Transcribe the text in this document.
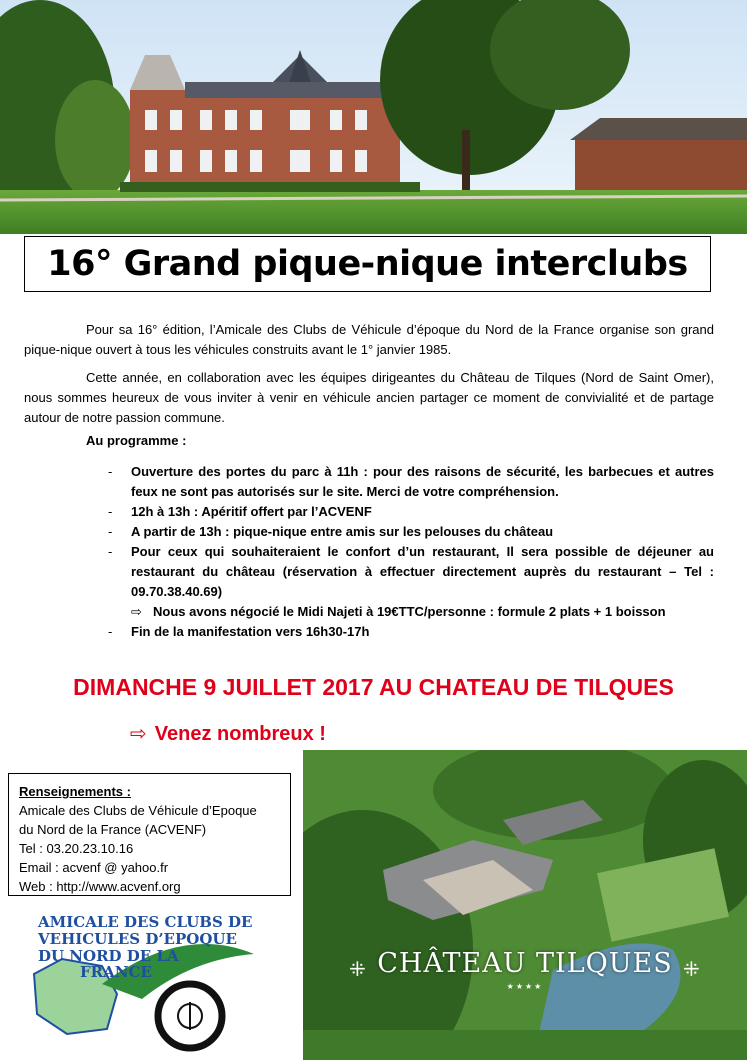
16° Grand pique-nique interclubs

Pour sa 16° édition, l’Amicale des Clubs de Véhicule d’époque du Nord de la France organise son grand pique-nique ouvert à tous les véhicules construits avant le 1° janvier 1985.

Cette année, en collaboration avec les équipes dirigeantes du Château de Tilques (Nord de Saint Omer), nous sommes heureux de vous inviter à venir en véhicule ancien partager ce moment de convivialité et de partage autour de notre passion commune.

Au programme :

- Ouverture des portes du parc à 11h : pour des raisons de sécurité, les barbecues et autres feux ne sont pas autorisés sur le site. Merci de votre compréhension.
- 12h à 13h : Apéritif offert par l’ACVENF
- A partir de 13h : pique-nique entre amis sur les pelouses du château
- Pour ceux qui souhaiteraient le confort d’un restaurant, Il sera possible de déjeuner au restaurant du château (réservation à effectuer directement auprès du restaurant – Tel : 09.70.38.40.69)
⇨ Nous avons négocié le Midi Najeti à 19€TTC/personne : formule 2 plats + 1 boisson
- Fin de la manifestation vers 16h30-17h

DIMANCHE 9 JUILLET 2017 AU CHATEAU DE TILQUES

⇨ Venez nombreux !

Renseignements :
Amicale des Clubs de Véhicule d’Epoque
du Nord de la France (ACVENF)
Tel : 03.20.23.10.16
Email : acvenf @ yahoo.fr
Web : http://www.acvenf.org
AMICALE DES CLUBS DE
VEHICULES D’EPOQUE
DU NORD DE LA
FRANCE	⁜	⁜
CHÂTEAU TILQUES
★★★★
